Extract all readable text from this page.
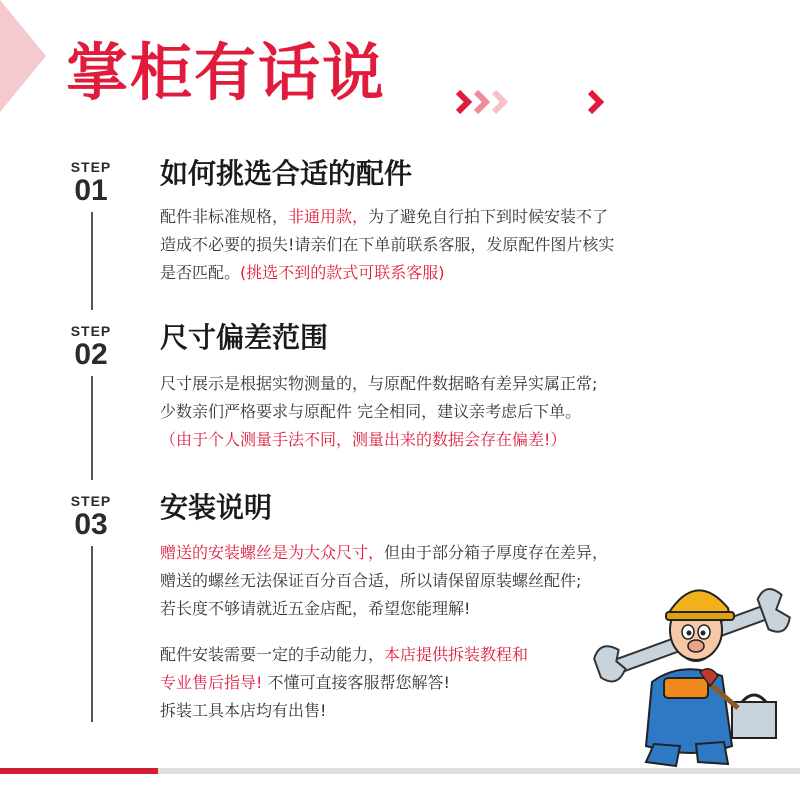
掌柜有话说
STEP
01
如何挑选合适的配件
配件非标准规格，非通用款，为了避免自行拍下到时候安装不了
造成不必要的损失!请亲们在下单前联系客服，发原配件图片核实
是否匹配。(挑选不到的款式可联系客服)
STEP
02
尺寸偏差范围
尺寸展示是根据实物测量的，与原配件数据略有差异实属正常;
少数亲们严格要求与原配件 完全相同，建议亲考虑后下单。
（由于个人测量手法不同，测量出来的数据会存在偏差!）
STEP
03
安装说明
赠送的安装螺丝是为大众尺寸，但由于部分箱子厚度存在差异，
赠送的螺丝无法保证百分百合适，所以请保留原装螺丝配件;
若长度不够请就近五金店配，希望您能理解!
配件安装需要一定的手动能力，本店提供拆装教程和
专业售后指导! 不懂可直接客服帮您解答!
拆装工具本店均有出售!
